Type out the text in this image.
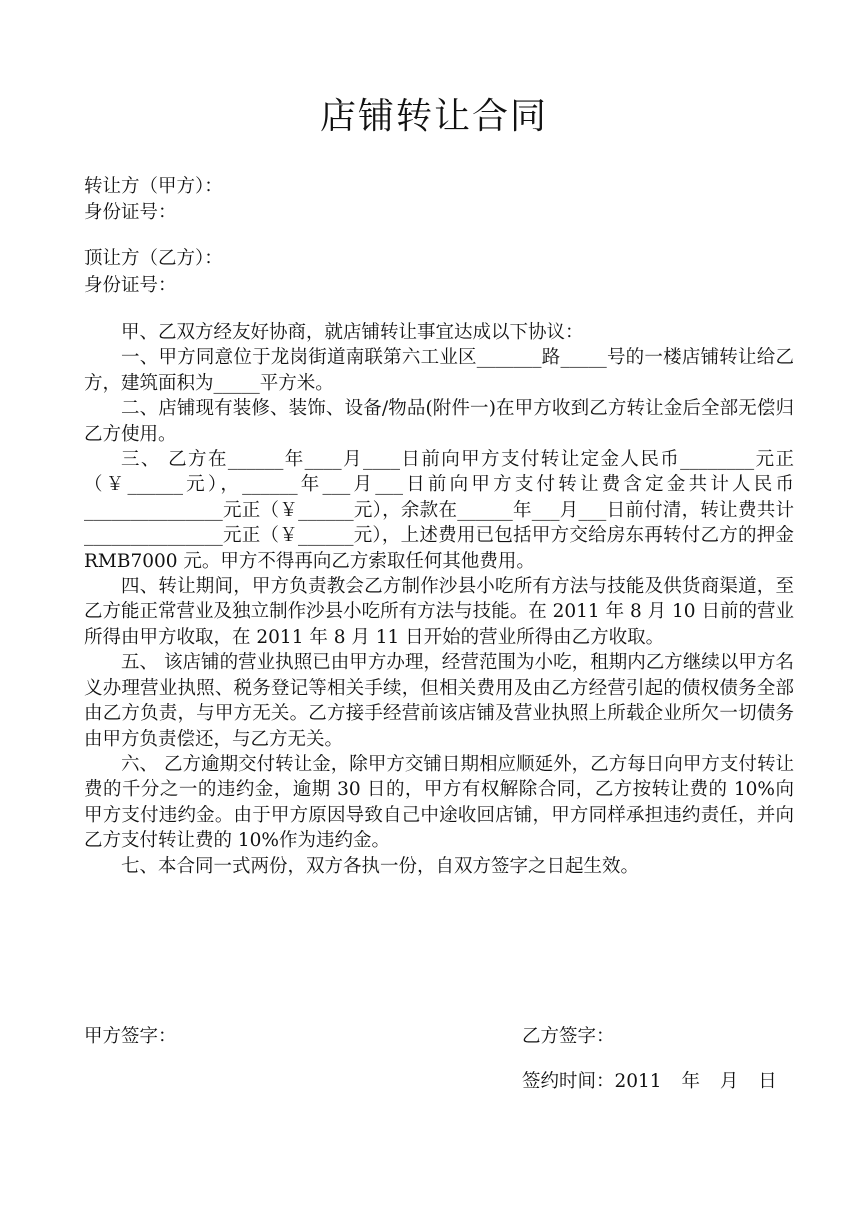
店铺转让合同
转让方（甲方）：
身份证号：
顶让方（乙方）：
身份证号：

甲、乙双方经友好协商，就店铺转让事宜达成以下协议：

一、甲方同意位于龙岗街道南联第六工业区_______路_____号的一楼店铺转让给乙方，建筑面积为_____平方米。

二、店铺现有装修、装饰、设备/物品(附件一)在甲方收到乙方转让金后全部无偿归乙方使用。

三、 乙方在______年____月____日前向甲方支付转让定金人民币________元正（￥______元），______年___月___日前向甲方支付转让费含定金共计人民币_______________元正（￥______元），余款在______年___月___日前付清，转让费共计_______________元正（￥______元），上述费用已包括甲方交给房东再转付乙方的押金 RMB7000 元。甲方不得再向乙方索取任何其他费用。

四、转让期间，甲方负责教会乙方制作沙县小吃所有方法与技能及供货商渠道，至乙方能正常营业及独立制作沙县小吃所有方法与技能。在 2011 年 8 月 10 日前的营业所得由甲方收取，在 2011 年 8 月 11 日开始的营业所得由乙方收取。

五、 该店铺的营业执照已由甲方办理，经营范围为小吃，租期内乙方继续以甲方名义办理营业执照、税务登记等相关手续，但相关费用及由乙方经营引起的债权债务全部由乙方负责，与甲方无关。乙方接手经营前该店铺及营业执照上所载企业所欠一切债务由甲方负责偿还，与乙方无关。

六、 乙方逾期交付转让金，除甲方交铺日期相应顺延外，乙方每日向甲方支付转让费的千分之一的违约金，逾期 30 日的，甲方有权解除合同，乙方按转让费的 10%向甲方支付违约金。由于甲方原因导致自己中途收回店铺，甲方同样承担违约责任，并向乙方支付转让费的 10%作为违约金。

七、本合同一式两份，双方各执一份，自双方签字之日起生效。

甲方签字：	乙方签字：
签约时间：2011 年 月 日
